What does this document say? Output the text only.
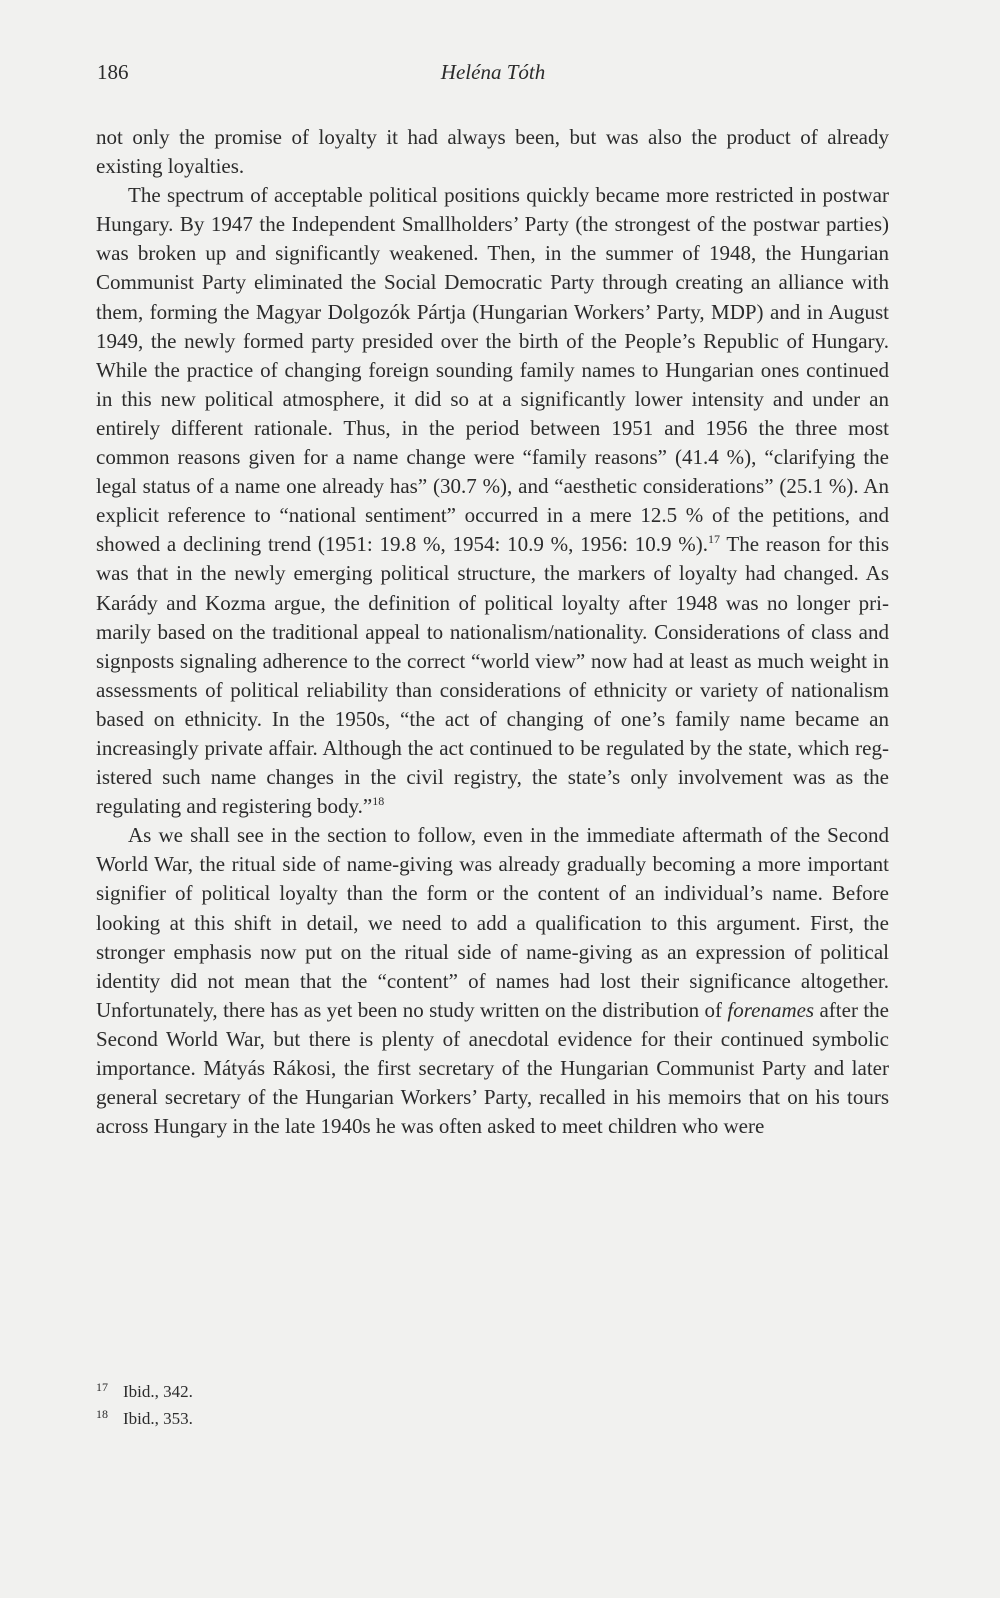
186	Heléna Tóth

not only the promise of loyalty it had always been, but was also the product of already existing loyalties.

The spectrum of acceptable political positions quickly became more restricted in postwar Hungary. By 1947 the Independent Smallholders’ Party (the strongest of the postwar parties) was broken up and significantly weakened. Then, in the summer of 1948, the Hungarian Communist Party eliminated the Social Democratic Party through creating an alliance with them, forming the Magyar Dolgozók Pártja (Hungarian Workers’ Party, MDP) and in August 1949, the newly formed party presided over the birth of the People’s Republic of Hungary. While the practice of changing foreign sounding family names to Hungarian ones continued in this new political atmosphere, it did so at a significantly lower intensity and under an entirely different rationale. Thus, in the period between 1951 and 1956 the three most common reasons given for a name change were “family reasons” (41.4 %), “clarifying the legal status of a name one already has” (30.7 %), and “aesthetic considerations” (25.1 %). An explicit reference to “national sentiment” occurred in a mere 12.5 % of the petitions, and showed a declining trend (1951: 19.8 %, 1954: 10.9 %, 1956: 10.9 %).$^{17}$ The reason for this was that in the newly emerging political structure, the markers of loyalty had changed. As Karády and Kozma argue, the definition of political loyalty after 1948 was no longer primarily based on the traditional appeal to nationalism/nationality. Considerations of class and signposts signaling adherence to the correct “world view” now had at least as much weight in assessments of political reliability than considerations of ethnicity or variety of nationalism based on ethnicity. In the 1950s, “the act of changing of one’s family name became an increasingly private affair. Although the act continued to be regulated by the state, which registered such name changes in the civil registry, the state’s only involvement was as the regulating and registering body.”$^{18}$

As we shall see in the section to follow, even in the immediate aftermath of the Second World War, the ritual side of name-giving was already gradually becoming a more important signifier of political loyalty than the form or the content of an individual’s name. Before looking at this shift in detail, we need to add a qualification to this argument. First, the stronger emphasis now put on the ritual side of name-giving as an expression of political identity did not mean that the “content” of names had lost their significance altogether. Unfortunately, there has as yet been no study written on the distribution of forenames after the Second World War, but there is plenty of anecdotal evidence for their continued symbolic importance. Mátyás Rákosi, the first secretary of the Hungarian Communist Party and later general secretary of the Hungarian Workers’ Party, recalled in his memoirs that on his tours across Hungary in the late 1940s he was often asked to meet children who were

17 Ibid., 342.
18 Ibid., 353.
